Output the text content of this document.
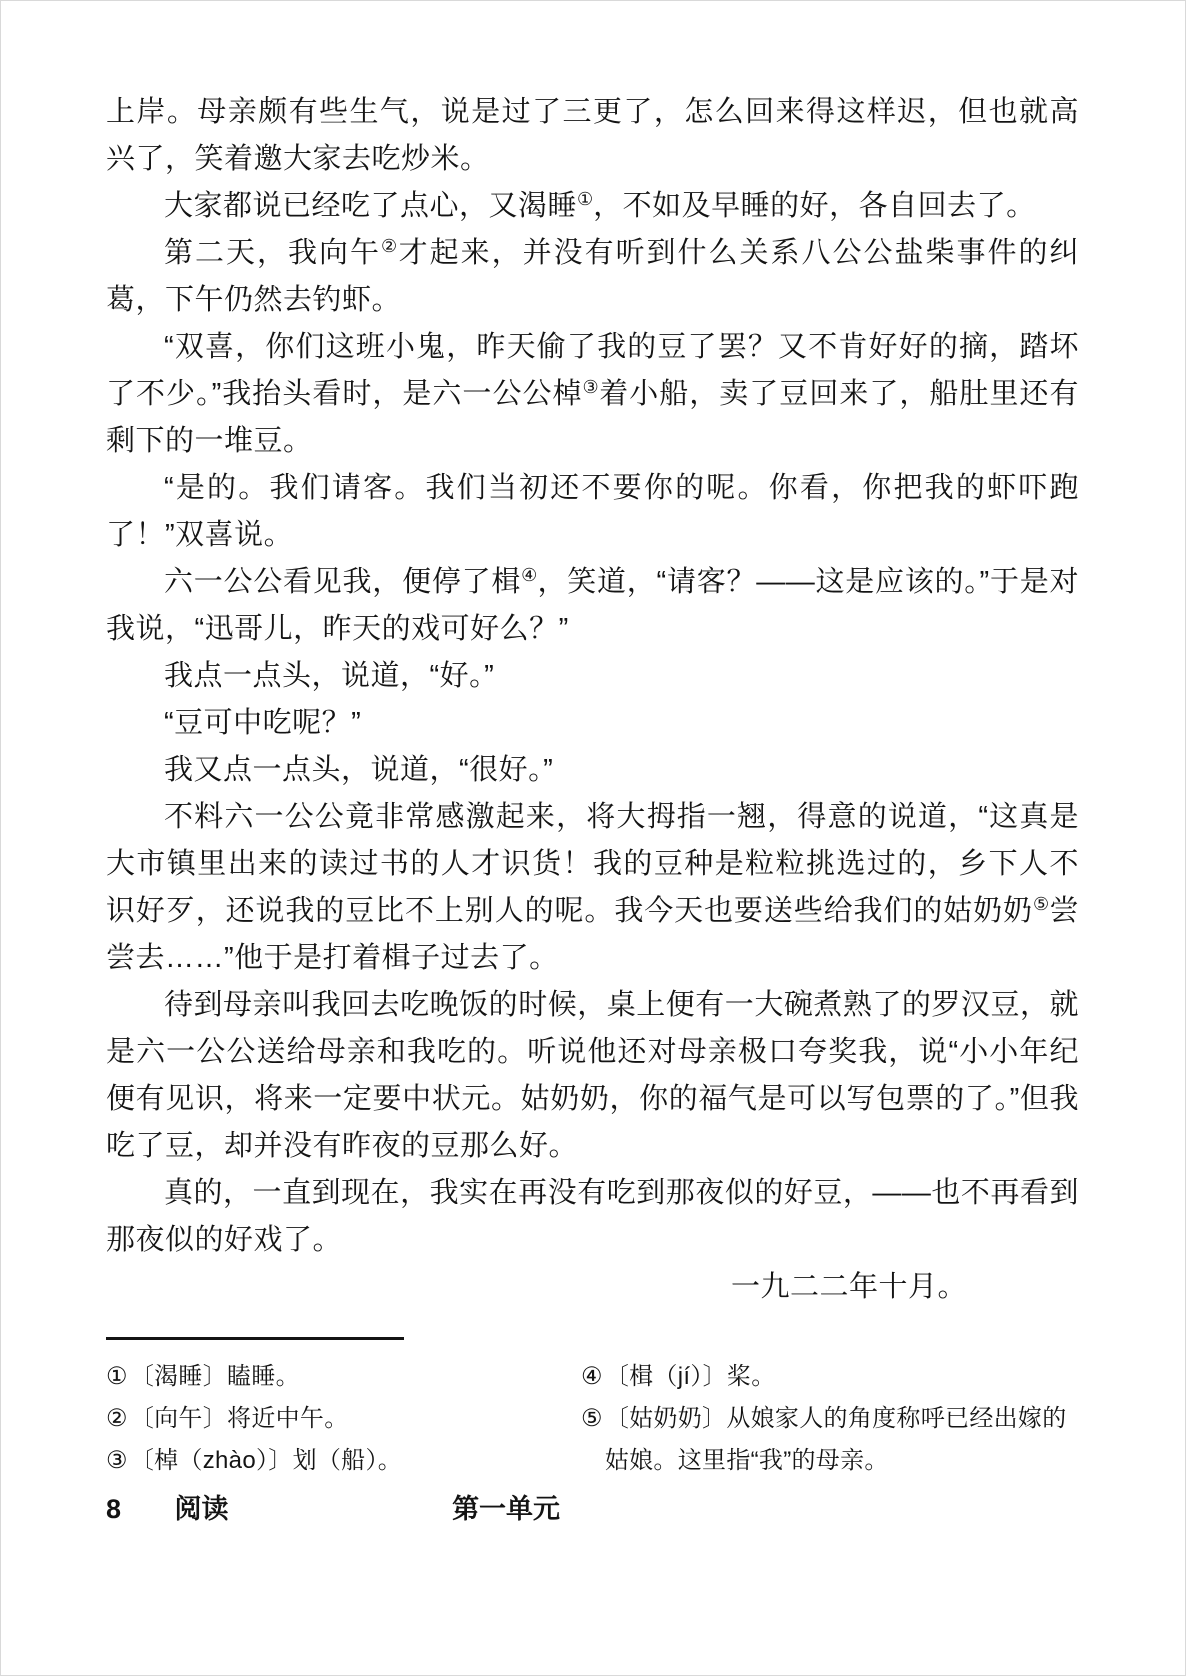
上岸。母亲颇有些生气，说是过了三更了，怎么回来得这样迟，但也就高兴了，笑着邀大家去吃炒米。

大家都说已经吃了点心，又渴睡①，不如及早睡的好，各自回去了。

第二天，我向午②才起来，并没有听到什么关系八公公盐柴事件的纠葛，下午仍然去钓虾。

“双喜，你们这班小鬼，昨天偷了我的豆了罢？又不肯好好的摘，踏坏了不少。”我抬头看时，是六一公公棹③着小船，卖了豆回来了，船肚里还有剩下的一堆豆。

“是的。我们请客。我们当初还不要你的呢。你看，你把我的虾吓跑了！”双喜说。

六一公公看见我，便停了楫④，笑道，“请客？——这是应该的。”于是对我说，“迅哥儿，昨天的戏可好么？”

我点一点头，说道，“好。”

“豆可中吃呢？”

我又点一点头，说道，“很好。”

不料六一公公竟非常感激起来，将大拇指一翘，得意的说道，“这真是大市镇里出来的读过书的人才识货！我的豆种是粒粒挑选过的，乡下人不识好歹，还说我的豆比不上别人的呢。我今天也要送些给我们的姑奶奶⑤尝尝去……”他于是打着楫子过去了。

待到母亲叫我回去吃晚饭的时候，桌上便有一大碗煮熟了的罗汉豆，就是六一公公送给母亲和我吃的。听说他还对母亲极口夸奖我，说“小小年纪便有见识，将来一定要中状元。姑奶奶，你的福气是可以写包票的了。”但我吃了豆，却并没有昨夜的豆那么好。

真的，一直到现在，我实在再没有吃到那夜似的好豆，——也不再看到那夜似的好戏了。

一九二二年十月。
① 〔渴睡〕瞌睡。
② 〔向午〕将近中午。
③ 〔棹（zhào）〕划（船）。
④ 〔楫（jí）〕桨。
⑤ 〔姑奶奶〕从娘家人的角度称呼已经出嫁的姑娘。这里指“我”的母亲。
8 阅读	第一单元
